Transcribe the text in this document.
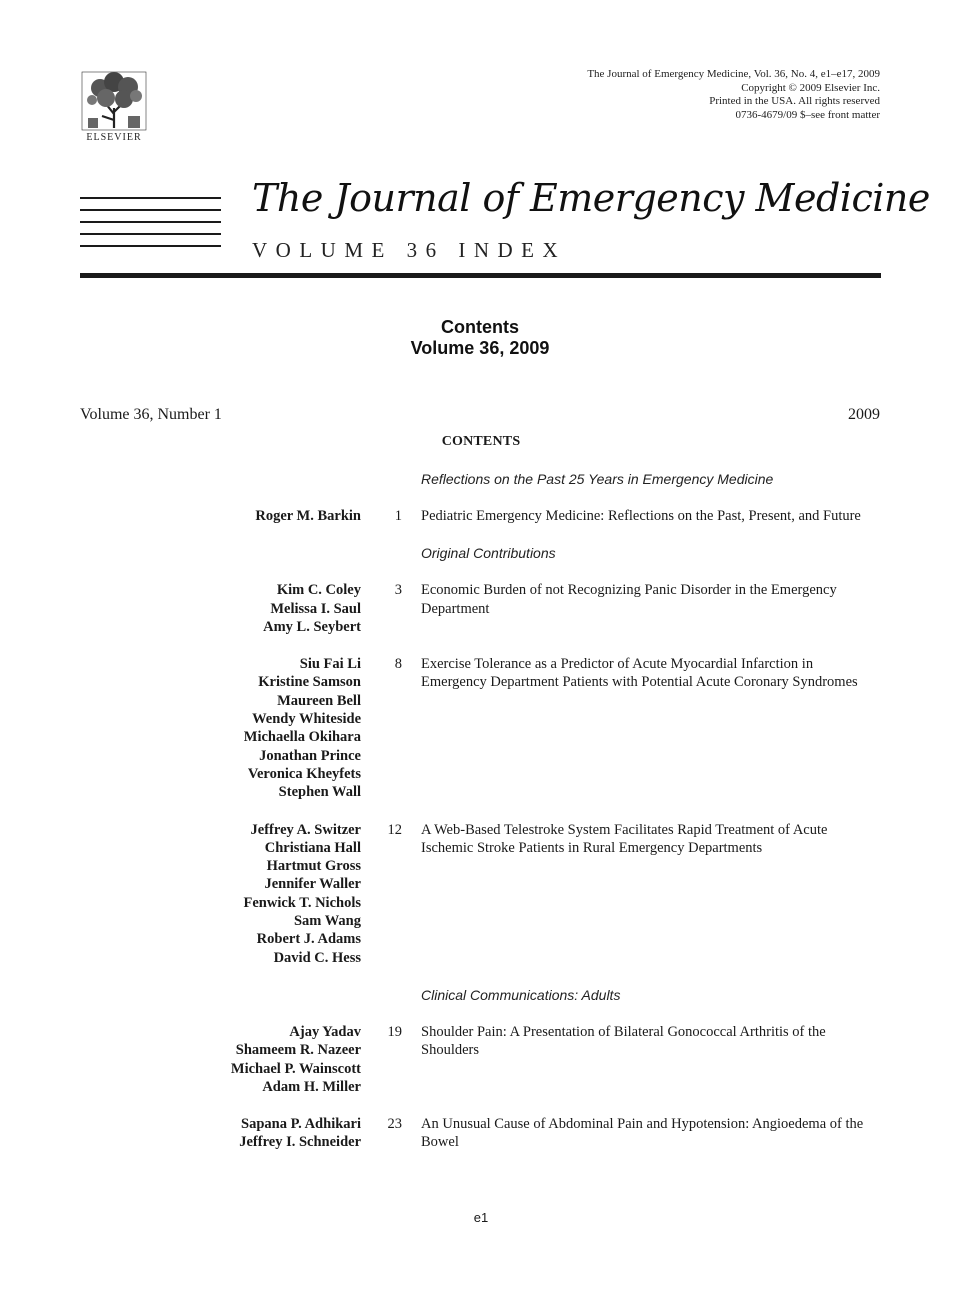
ELSEVIER
The Journal of Emergency Medicine, Vol. 36, No. 4, e1–e17, 2009
Copyright © 2009 Elsevier Inc.
Printed in the USA. All rights reserved
0736-4679/09 $–see front matter
The Journal of Emergency Medicine
VOLUME 36 INDEX
Contents
Volume 36, 2009
Volume 36, Number 1	2009
CONTENTS
Reflections on the Past 25 Years in Emergency Medicine
Roger M. Barkin	1 Pediatric Emergency Medicine: Reflections on the Past, Present, and Future
Original Contributions
Kim C. Coley
Melissa I. Saul
Amy L. Seybert
3 Economic Burden of not Recognizing Panic Disorder in the Emergency Department
Siu Fai Li
Kristine Samson
Maureen Bell
Wendy Whiteside
Michaella Okihara
Jonathan Prince
Veronica Kheyfets
Stephen Wall
8 Exercise Tolerance as a Predictor of Acute Myocardial Infarction in Emergency Department Patients with Potential Acute Coronary Syndromes
Jeffrey A. Switzer
Christiana Hall
Hartmut Gross
Jennifer Waller
Fenwick T. Nichols
Sam Wang
Robert J. Adams
David C. Hess
12 A Web-Based Telestroke System Facilitates Rapid Treatment of Acute Ischemic Stroke Patients in Rural Emergency Departments
Clinical Communications: Adults
Ajay Yadav
Shameem R. Nazeer
Michael P. Wainscott
Adam H. Miller
19 Shoulder Pain: A Presentation of Bilateral Gonococcal Arthritis of the Shoulders
Sapana P. Adhikari
Jeffrey I. Schneider
23 An Unusual Cause of Abdominal Pain and Hypotension: Angioedema of the Bowel
e1
